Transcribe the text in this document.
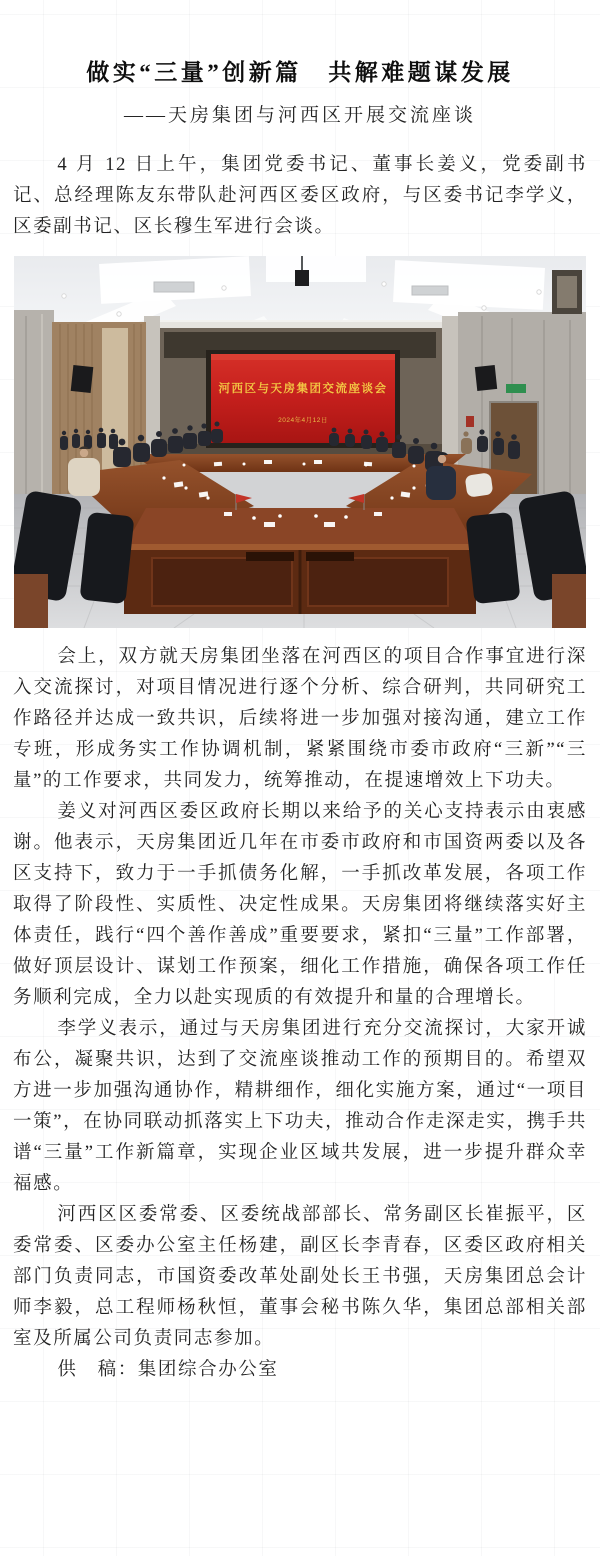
做实“三量”创新篇　共解难题谋发展
——天房集团与河西区开展交流座谈

4 月 12 日上午，集团党委书记、董事长姜义，党委副书记、总经理陈友东带队赴河西区委区政府，与区委书记李学义，区委副书记、区长穆生军进行会谈。

河西区与天房集团交流座谈会
2024年4月12日

会上，双方就天房集团坐落在河西区的项目合作事宜进行深入交流探讨，对项目情况进行逐个分析、综合研判，共同研究工作路径并达成一致共识，后续将进一步加强对接沟通，建立工作专班，形成务实工作协调机制，紧紧围绕市委市政府“三新”“三量”的工作要求，共同发力，统筹推动，在提速增效上下功夫。

姜义对河西区委区政府长期以来给予的关心支持表示由衷感谢。他表示，天房集团近几年在市委市政府和市国资两委以及各区支持下，致力于一手抓债务化解，一手抓改革发展，各项工作取得了阶段性、实质性、决定性成果。天房集团将继续落实好主体责任，践行“四个善作善成”重要要求，紧扣“三量”工作部署，做好顶层设计、谋划工作预案，细化工作措施，确保各项工作任务顺利完成，全力以赴实现质的有效提升和量的合理增长。

李学义表示，通过与天房集团进行充分交流探讨，大家开诚布公，凝聚共识，达到了交流座谈推动工作的预期目的。希望双方进一步加强沟通协作，精耕细作，细化实施方案，通过“一项目一策”，在协同联动抓落实上下功夫，推动合作走深走实，携手共谱“三量”工作新篇章，实现企业区域共发展，进一步提升群众幸福感。

河西区区委常委、区委统战部部长、常务副区长崔振平，区委常委、区委办公室主任杨建，副区长李青春，区委区政府相关部门负责同志，市国资委改革处副处长王书强，天房集团总会计师李毅，总工程师杨秋恒，董事会秘书陈久华，集团总部相关部室及所属公司负责同志参加。

供　稿：集团综合办公室
